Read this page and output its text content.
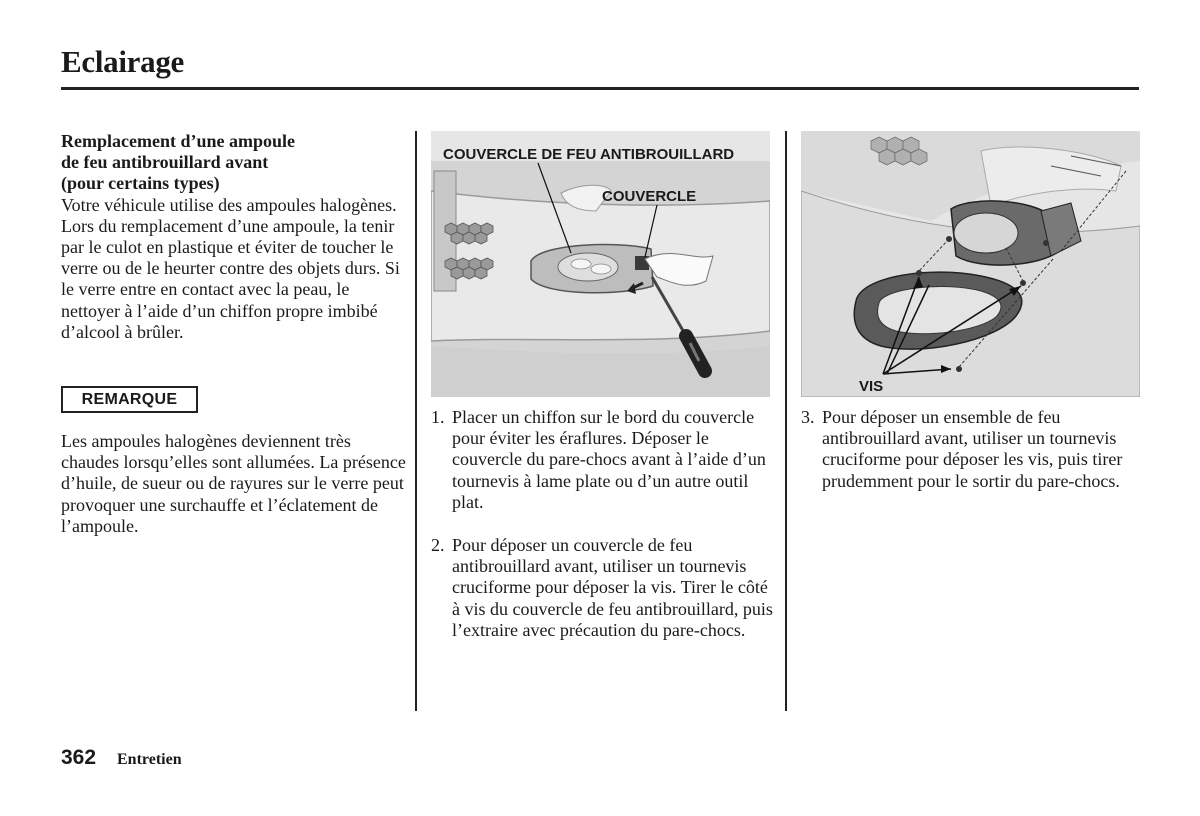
Eclairage
Remplacement d’une ampoule
de feu antibrouillard avant
(pour certains types)
Votre véhicule utilise des ampoules halogènes. Lors du remplacement d’une ampoule, la tenir par le culot en plastique et éviter de toucher le verre ou de le heurter contre des objets durs. Si le verre entre en contact avec la peau, le nettoyer à l’aide d’un chiffon propre imbibé d’alcool à brûler.
REMARQUE
Les ampoules halogènes deviennent très chaudes lorsqu’elles sont allumées. La présence d’huile, de sueur ou de rayures sur le verre peut provoquer une surchauffe et l’éclatement de l’ampoule.
COUVERCLE DE FEU ANTIBROUILLARD
COUVERCLE
VIS
1. Placer un chiffon sur le bord du couvercle pour éviter les éraflures. Déposer le couvercle du pare-chocs avant à l’aide d’un tournevis à lame plate ou d’un autre outil plat.
2. Pour déposer un couvercle de feu antibrouillard avant, utiliser un tournevis cruciforme pour déposer la vis. Tirer le côté à vis du couvercle de feu antibrouillard, puis l’extraire avec précaution du pare-chocs.
3. Pour déposer un ensemble de feu antibrouillard avant, utiliser un tournevis cruciforme pour déposer les vis, puis tirer prudemment pour le sortir du pare-chocs.
362 Entretien
